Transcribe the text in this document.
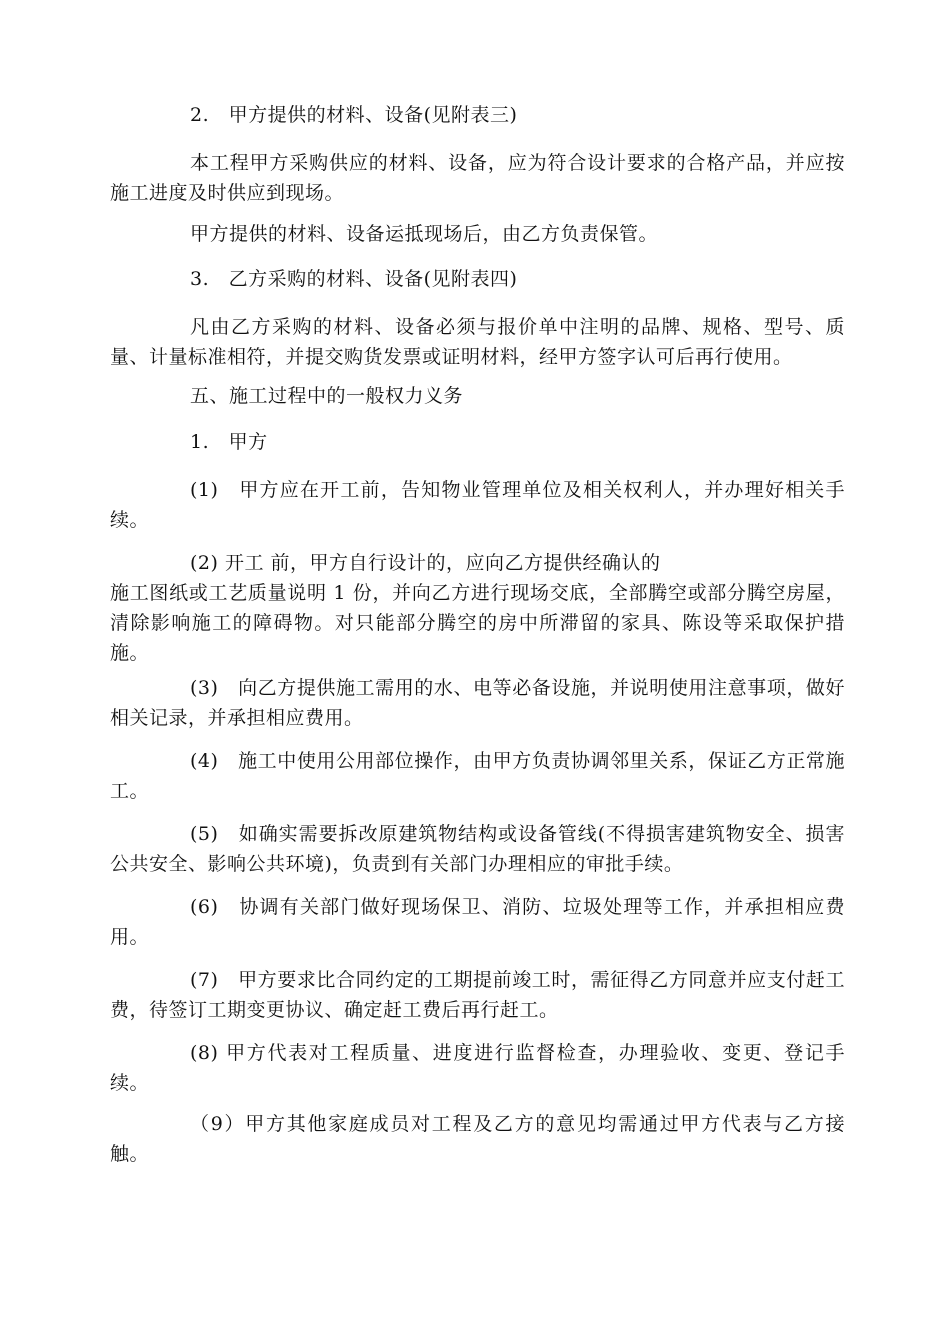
2.　甲方提供的材料、设备(见附表三)

本工程甲方采购供应的材料、设备，应为符合设计要求的合格产品，并应按施工进度及时供应到现场。

甲方提供的材料、设备运抵现场后，由乙方负责保管。

3.　乙方采购的材料、设备(见附表四)

凡由乙方采购的材料、设备必须与报价单中注明的品牌、规格、型号、质量、计量标准相符，并提交购货发票或证明材料，经甲方签字认可后再行使用。

五、施工过程中的一般权力义务

1.　甲方

(1)　甲方应在开工前，告知物业管理单位及相关权利人，并办理好相关手续。

(2) 开工 前，甲方自行设计的，应向乙方提供经确认的
施工图纸或工艺质量说明 1 份，并向乙方进行现场交底，全部腾空或部分腾空房屋，清除影响施工的障碍物。对只能部分腾空的房中所滞留的家具、陈设等采取保护措施。

(3)　向乙方提供施工需用的水、电等必备设施，并说明使用注意事项，做好相关记录，并承担相应费用。

(4)　施工中使用公用部位操作，由甲方负责协调邻里关系，保证乙方正常施工。

(5)　如确实需要拆改原建筑物结构或设备管线(不得损害建筑物安全、损害公共安全、影响公共环境)，负责到有关部门办理相应的审批手续。

(6)　协调有关部门做好现场保卫、消防、垃圾处理等工作，并承担相应费用。

(7)　甲方要求比合同约定的工期提前竣工时，需征得乙方同意并应支付赶工费，待签订工期变更协议、确定赶工费后再行赶工。

(8) 甲方代表对工程质量、进度进行监督检查，办理验收、变更、登记手续。

（9）甲方其他家庭成员对工程及乙方的意见均需通过甲方代表与乙方接触。
